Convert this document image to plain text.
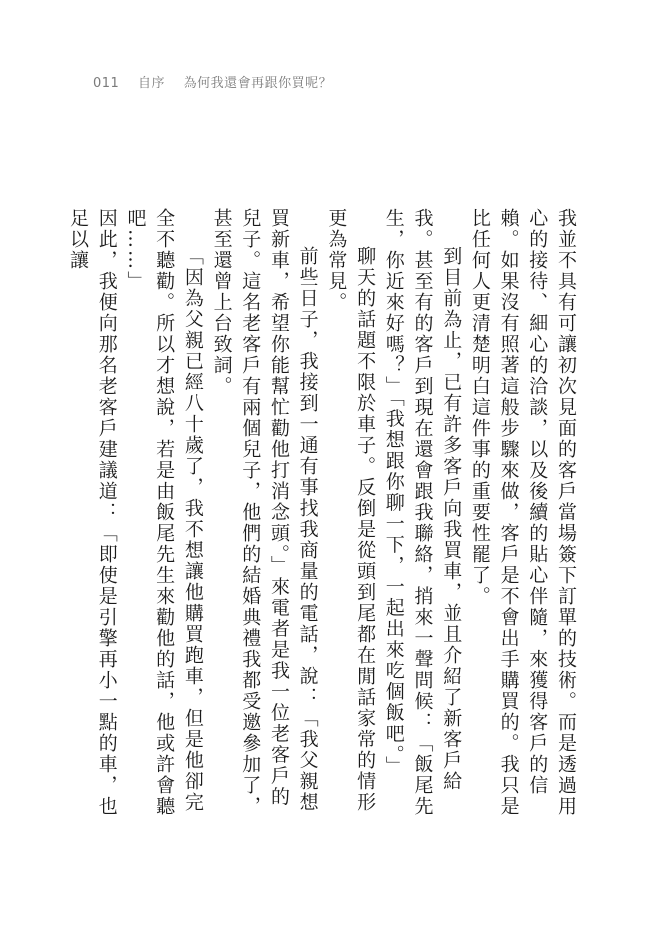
011 自序 為何我還會再跟你買呢？

我並不具有可讓初次見面的客戶當場簽下訂單的技術。而是透過用心的接待、細心的洽談，以及後續的貼心伴隨，來獲得客戶的信賴。如果沒有照著這般步驟來做，客戶是不會出手購買的。我只是比任何人更清楚明白這件事的重要性罷了。

到目前為止，已有許多客戶向我買車，並且介紹了新客戶給我。甚至有的客戶到現在還會跟我聯絡，捎來一聲問候：「飯尾先生，你近來好嗎？」「我想跟你聊一下，一起出來吃個飯吧。」

聊天的話題不限於車子。反倒是從頭到尾都在閒話家常的情形更為常見。

前些日子，我接到一通有事找我商量的電話，說：「我父親想買新車，希望你能幫忙勸他打消念頭。」來電者是我一位老客戶的兒子。這名老客戶有兩個兒子，他們的結婚典禮我都受邀參加了，甚至還曾上台致詞。

「因為父親已經八十歲了，我不想讓他購買跑車，但是他卻完全不聽勸。所以才想說，若是由飯尾先生來勸他的話，他或許會聽吧……」

因此，我便向那名老客戶建議道：「即使是引擎再小一點的車，也足以讓
